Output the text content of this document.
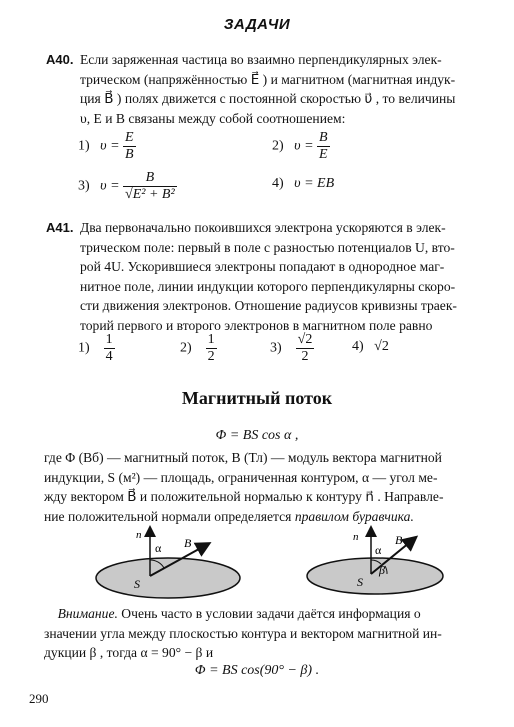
ЗАДАЧИ
А40. Если заряженная частица во взаимно перпендикулярных элек-
трическом (напряжённостью E⃗ ) и магнитном (магнитная индук-
ция B⃗ ) полях движется с постоянной скоростью υ⃗ , то величины
υ, E и B связаны между собой соотношением:
1) $\upsilon = \frac{E}{B}$	2) $\upsilon = \frac{B}{E}$
3) $\upsilon = \frac{B}{\text{√E² + B²}}$	4) υ = EB
А41. Два первоначально покоившихся электрона ускоряются в элек-
трическом поле: первый в поле с разностью потенциалов U, вто-
рой 4U. Ускорившиеся электроны попадают в однородное маг-
нитное поле, линии индукции которого перпендикулярны скоро-
сти движения электронов. Отношение радиусов кривизны траек-
торий первого и второго электронов в магнитном поле равно
$1) \frac{1}{4}$	$2) \frac{1}{2}$	$3) \frac{√2}{2}$	4) √2
Магнитный поток
Φ = BS cos α ,
где Φ (Вб) — магнитный поток, B (Тл) — модуль вектора магнитной
индукции, S (м²) — площадь, ограниченная контуром, α — угол ме-
жду вектором B⃗ и положительной нормалью к контуру n⃗ . Направле-
ние положительной нормали определяется правилом буравчика.
n⃗
B⃗
α
S
n⃗ B⃗
α
β
S
Внимание. Очень часто в условии задачи даётся информация о
значении угла между плоскостью контура и вектором магнитной ин-
дукции β , тогда α = 90° − β и
Φ = BS cos(90° − β) .
290
